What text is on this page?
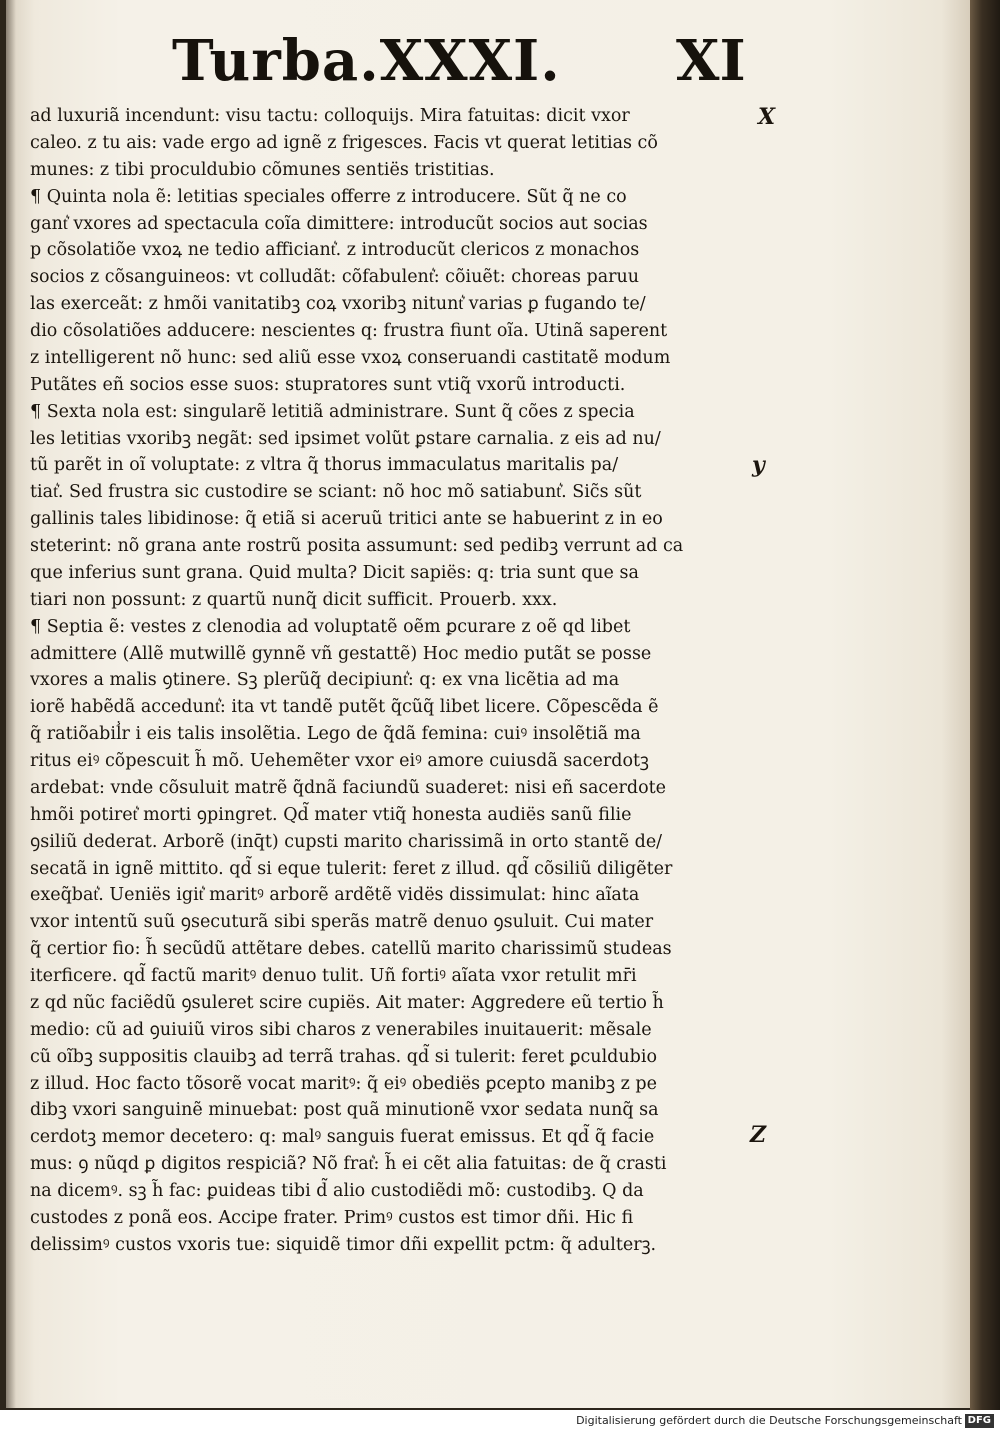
Turba.XXXI. XI
ad luxuriã incendunt: visu tactu: colloquijs. Mira fatuitas: dicit vxor
caleo. z tu ais: vade ergo ad ignẽ z frigesces. Facis vt querat letitias cõ
munes: z tibi proculdubio cõmunes sentiës tristitias.
¶ Quinta nola ẽ: letitias speciales offerre z introducere. Sũt q̃ ne co
gant͛ vxores ad spectacula coĩa dimittere: introducũt socios aut socias
p cõsolatiõe vxoꝝ ne tedio afficiant͛. z introducũt clericos z monachos
socios z cõsanguineos: vt colludãt: cõfabulent͛: cõiuẽt: choreas paruu
las exerceãt: z hmõi vanitatibꝫ coꝝ vxoribꝫ nitunt͛ varias ꝑ fugando te/
dio cõsolatiões adducere: nescientes q: frustra fiunt oĩa. Utinã saperent
z intelligerent nõ hunc: sed aliũ esse vxoꝝ conseruandi castitatẽ modum
Putãtes eñ socios esse suos: stupratores sunt vtiq̃ vxorũ introducti.
¶ Sexta nola est: singularẽ letitiã administrare. Sunt q̃ cões z specia
les letitias vxoribꝫ negãt: sed ipsimet volũt ꝑstare carnalia. z eis ad nu/
tũ parẽt in oĩ voluptate: z vltra q̃ thorus immaculatus maritalis pa/
tiat͛. Sed frustra sic custodire se sciant: nõ hoc mõ satiabunt͛. Sic̃s sũt
gallinis tales libidinose: q̃ etiã si aceruũ tritici ante se habuerint z in eo
steterint: nõ grana ante rostrũ posita assumunt: sed pedibꝫ verrunt ad ca
que inferius sunt grana. Quid multa? Dicit sapiës: q: tria sunt que sa
tiari non possunt: z quartũ nunq̃ dicit sufficit. Prouerb. xxx.
¶ Septia ẽ: vestes z clenodia ad voluptatẽ oẽm ꝑcurare z oẽ qd libet
admittere (Allẽ mutwillẽ gynnẽ vñ gestattẽ) Hoc medio putãt se posse
vxores a malis ꝯtinere. Sꝫ plerũq̃ decipiunt͛: q: ex vna licẽtia ad ma
iorẽ habẽdã accedunt͛: ita vt tandẽ putẽt q̃cũq̃ libet licere. Cõpescẽda ẽ
q̃ ratiõabil̾r i eis talis insolẽtia. Lego de q̃dã femina: cuiꝰ insolẽtiã ma
ritus eiꝰ cõpescuit h̃ mõ. Uehemẽter vxor eiꝰ amore cuiusdã sacerdotꝫ
ardebat: vnde cõsuluit matrẽ q̃dnã faciundũ suaderet: nisi eñ sacerdote
hmõi potiret͛ morti ꝯpingret. Qd̃ mater vtiq̃ honesta audiës sanũ filie
ꝯsiliũ dederat. Arborẽ (inq̄t) cupsti marito charissimã in orto stantẽ de/
secatã in ignẽ mittito. qd̃ si eque tulerit: feret z illud. qd̃ cõsiliũ diligẽter
exeq̃bat͛. Ueniës igit͛ maritꝰ arborẽ ardẽtẽ vidës dissimulat: hinc aĩata
vxor intentũ suũ ꝯsecuturã sibi sperãs matrẽ denuo ꝯsuluit. Cui mater
q̃ certior fio: h̃ secũdũ attẽtare debes. catellũ marito charissimũ studeas
iterficere. qd̃ factũ maritꝰ denuo tulit. Uñ fortiꝰ aĩata vxor retulit mr̄i
z qd nũc faciẽdũ ꝯsuleret scire cupiës. Ait mater: Aggredere eũ tertio h̃
medio: cũ ad ꝯuiuiũ viros sibi charos z venerabiles inuitauerit: mẽsale
cũ oĩbꝫ suppositis clauibꝫ ad terrã trahas. qd̃ si tulerit: feret ꝑculdubio
z illud. Hoc facto tõsorẽ vocat maritꝰ: q̃ eiꝰ obediës ꝑcepto manibꝫ z pe
dibꝫ vxori sanguinẽ minuebat: post quã minutionẽ vxor sedata nunq̃ sa
cerdotꝫ memor decetero: q: malꝰ sanguis fuerat emissus. Et qd̃ q̃ facie
mus: ꝯ nũqd ꝑ digitos respiciã? Nõ frat͛: h̃ ei cẽt alia fatuitas: de q̃ crasti
na dicemꝰ. sꝫ h̃ fac: ꝑuideas tibi d̃ alio custodiẽdi mõ: custodibꝫ. Q da
custodes z ponã eos. Accipe frater. Primꝰ custos est timor dñi. Hic fi
delissimꝰ custos vxoris tue: siquidẽ timor dñi expellit pctm: q̃ adulterꝫ.
X
y
Z
Digitalisierung gefördert durch die Deutsche Forschungsgemeinschaft DFG
